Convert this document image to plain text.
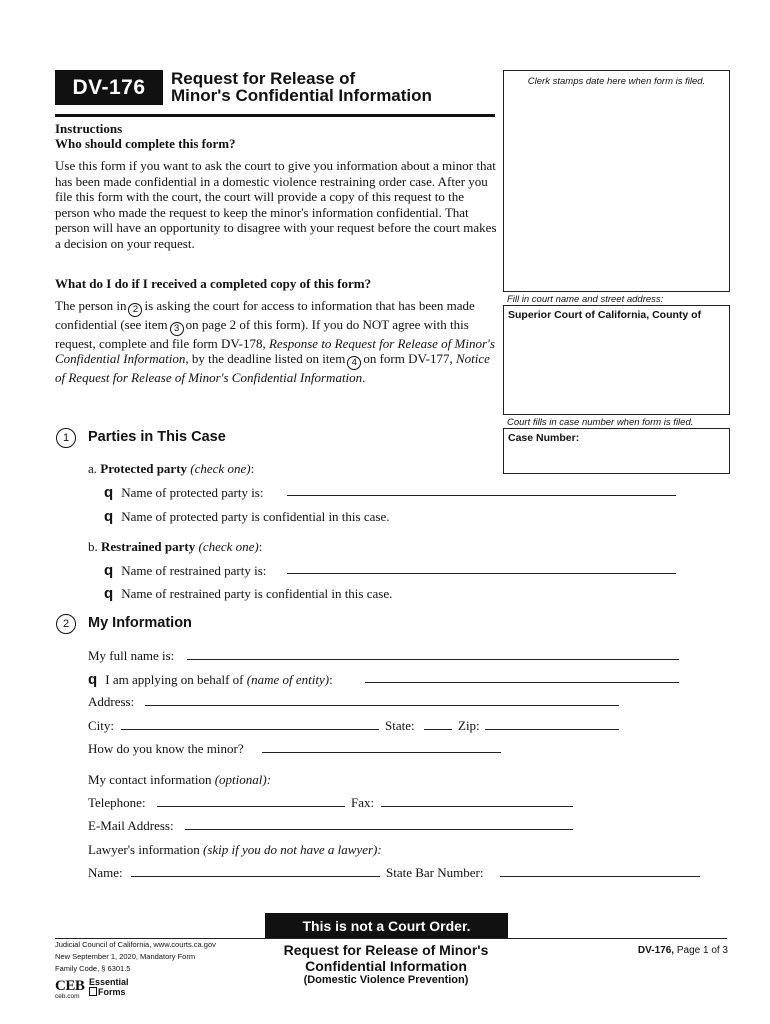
DV-176	Request for Release of
Minor's Confidential Information
Clerk stamps date here when form is filed.
Fill in court name and street address:
Superior Court of California, County of
Court fills in case number when form is filed.
Case Number:
Instructions
Who should complete this form?
Use this form if you want to ask the court to give you information about a minor that has been made confidential in a domestic violence restraining order case. After you file this form with the court, the court will provide a copy of this request to the person who made the request to keep the minor's information confidential. That person will have an opportunity to disagree with your request before the court makes a decision on your request.
What do I do if I received a completed copy of this form?
The person in 2 is asking the court for access to information that has been made confidential (see item 3 on page 2 of this form). If you do NOT agree with this request, complete and file form DV-178, Response to Request for Release of Minor's Confidential Information, by the deadline listed on item 4 on form DV-177, Notice of Request for Release of Minor's Confidential Information.
1	Parties in This Case
a. Protected party (check one):
q Name of protected party is:
q Name of protected party is confidential in this case.
b. Restrained party (check one):
q Name of restrained party is:
q Name of restrained party is confidential in this case.
2	My Information
My full name is:
q I am applying on behalf of (name of entity):
Address:
City:	State:	Zip:
How do you know the minor?
My contact information (optional):
Telephone:	Fax:
E-Mail Address:
Lawyer's information (skip if you do not have a lawyer):
Name:	State Bar Number:
This is not a Court Order.
Judicial Council of California, www.courts.ca.gov
New September 1, 2020, Mandatory Form
Family Code, § 6301.5
Request for Release of Minor's
Confidential Information
(Domestic Violence Prevention)
DV-176, Page 1 of 3
CEB
ceb.com
Essential
Forms
